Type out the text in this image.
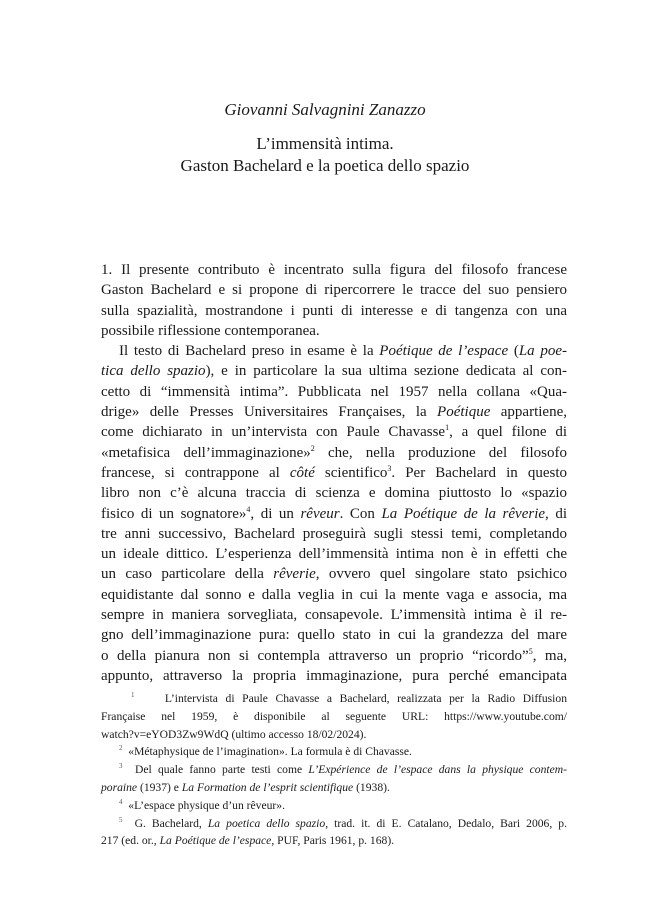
Giovanni Salvagnini Zanazzo
L’immensità intima.
Gaston Bachelard e la poetica dello spazio
1. Il presente contributo è incentrato sulla figura del filosofo francese
Gaston Bachelard e si propone di ripercorrere le tracce del suo pensiero
sulla spazialità, mostrandone i punti di interesse e di tangenza con una
possibile riflessione contemporanea.
Il testo di Bachelard preso in esame è la Poétique de l’espace (La poe-
tica dello spazio), e in particolare la sua ultima sezione dedicata al con-
cetto di “immensità intima”. Pubblicata nel 1957 nella collana «Qua-
drige» delle Presses Universitaires Françaises, la Poétique appartiene,
come dichiarato in un’intervista con Paule Chavasse$^1$, a quel filone di
«metafisica dell’immaginazione»$^2$ che, nella produzione del filosofo
francese, si contrappone al côté scientifico$^3$. Per Bachelard in questo
libro non c’è alcuna traccia di scienza e domina piuttosto lo «spazio
fisico di un sognatore»$^4$, di un rêveur. Con La Poétique de la rêverie, di
tre anni successivo, Bachelard proseguirà sugli stessi temi, completando
un ideale dittico. L’esperienza dell’immensità intima non è in effetti che
un caso particolare della rêverie, ovvero quel singolare stato psichico
equidistante dal sonno e dalla veglia in cui la mente vaga e associa, ma
sempre in maniera sorvegliata, consapevole. L’immensità intima è il re-
gno dell’immaginazione pura: quello stato in cui la grandezza del mare
o della pianura non si contempla attraverso un proprio “ricordo”$^5$, ma,
appunto, attraverso la propria immaginazione, pura perché emancipata
$^1$	L’intervista di Paule Chavasse a Bachelard, realizzata per la Radio Diffusion
Française nel 1959, è disponibile al seguente URL: https://www.youtube.com/
watch?v=eYOD3Zw9WdQ (ultimo accesso 18/02/2024).
$^2$ «Métaphysique de l’imagination». La formula è di Chavasse.
$^3$ Del quale fanno parte testi come L’Expérience de l’espace dans la physique contem-
poraine (1937) e La Formation de l’esprit scientifique (1938).
$^4$ «L’espace physique d’un rêveur».
$^5$ G. Bachelard, La poetica dello spazio, trad. it. di E. Catalano, Dedalo, Bari 2006, p.
217 (ed. or., La Poétique de l’espace, PUF, Paris 1961, p. 168).
